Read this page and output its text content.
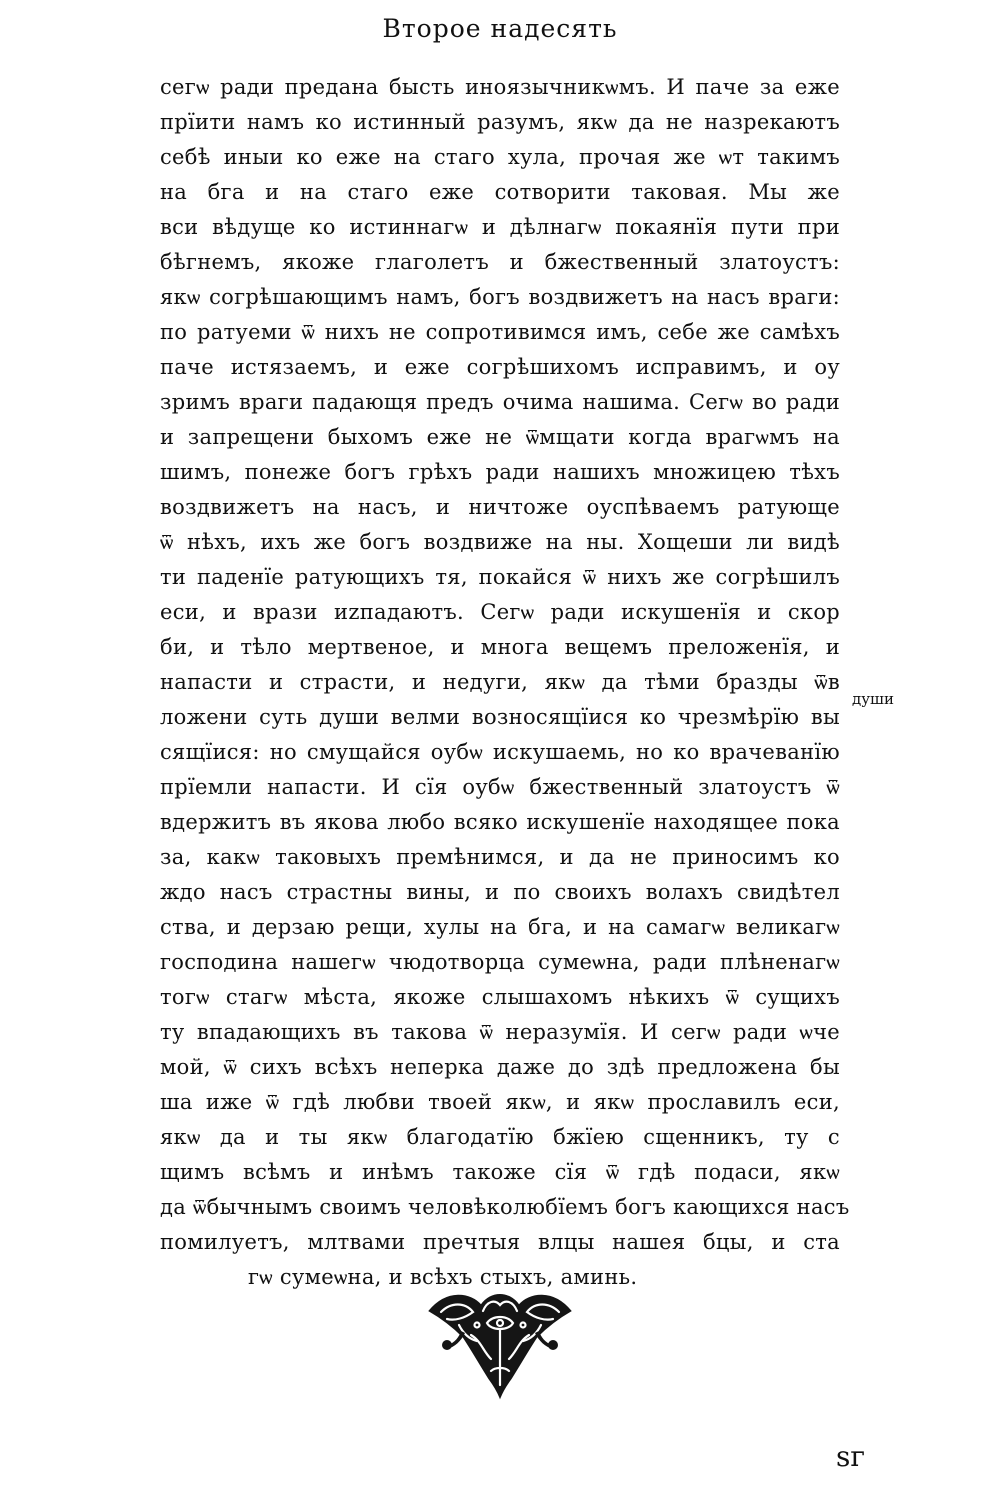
Второе надесять
сегѡ ради предана бысть иноязычникѡмъ. И паче за еже
прїити намъ ко истинный разумъ, якѡ да не назрекаютъ
себѣ иныи ко еже на стаго хула, прочая же ѡт такимъ
на бга и на стаго еже сотворити таковая. Мы же
вси вѣдуще ко истиннагѡ и дѣлнагѡ покаянїя пути при
бѣгнемъ, якоже глаголетъ и бжественный златоустъ:
якѡ согрѣшающимъ намъ, богъ воздвижетъ на насъ враги:
по ратуеми ѿ нихъ не сопротивимся имъ, себе же самѣхъ
паче истязаемъ, и еже согрѣшихомъ исправимъ, и оу
зримъ враги падающя предъ очима нашима. Сегѡ во ради
и запрещени быхомъ еже не ѿмщати когда врагѡмъ на
шимъ, понеже богъ грѣхъ ради нашихъ множицею тѣхъ
воздвижетъ на насъ, и ничтоже оуспѣваемъ ратующе
ѿ нѣхъ, ихъ же богъ воздвиже на ны. Хощеши ли видѣ
ти паденїе ратующихъ тя, покайся ѿ нихъ же согрѣшилъ
еси, и врази иzпадаютъ. Сегѡ ради искушенїя и скор
би, и тѣло мертвеное, и многа вещемъ преложенїя, и
напасти и страсти, и недуги, якѡ да тѣми бразды ѿв
ложени суть души велми возносящїися ко чрезмѣрїю вы
сящїися: но смущайся оубѡ искушаемь, но ко врачеванїю
прїемли напасти. И сїя оубѡ бжественный златоустъ ѿ
вдержитъ въ якова любо всяко искушенїе находящее пока
за, какѡ таковыхъ премѣнимся, и да не приносимъ ко
ждо насъ страстны вины, и по своихъ волахъ свидѣтел
ства, и дерзаю рещи, хулы на бга, и на самагѡ великагѡ
господина нашегѡ чюдотворца сумеѡна, ради плѣненагѡ
тогѡ стагѡ мѣста, якоже слышахомъ нѣкихъ ѿ сущихъ
ту впадающихъ въ такова ѿ неразумїя. И сегѡ ради ѡче
мой, ѿ сихъ всѣхъ неперка даже до здѣ предложена бы
ша иже ѿ гдѣ любви твоей якѡ, и якѡ прославилъ еси,
якѡ да и ты якѡ благодатїю бжїею сщенникъ, ту с
щимъ всѣмъ и инѣмъ такоже сїя ѿ гдѣ подаси, якѡ
да ѿбычнымъ своимъ человѣколюбїемъ богъ кающихся насъ
помилуетъ, млтвами пречтыя влцы нашея бцы, и стa
гѡ сумеѡна, и всѣхъ стыхъ, аминь.
души
ѕг
